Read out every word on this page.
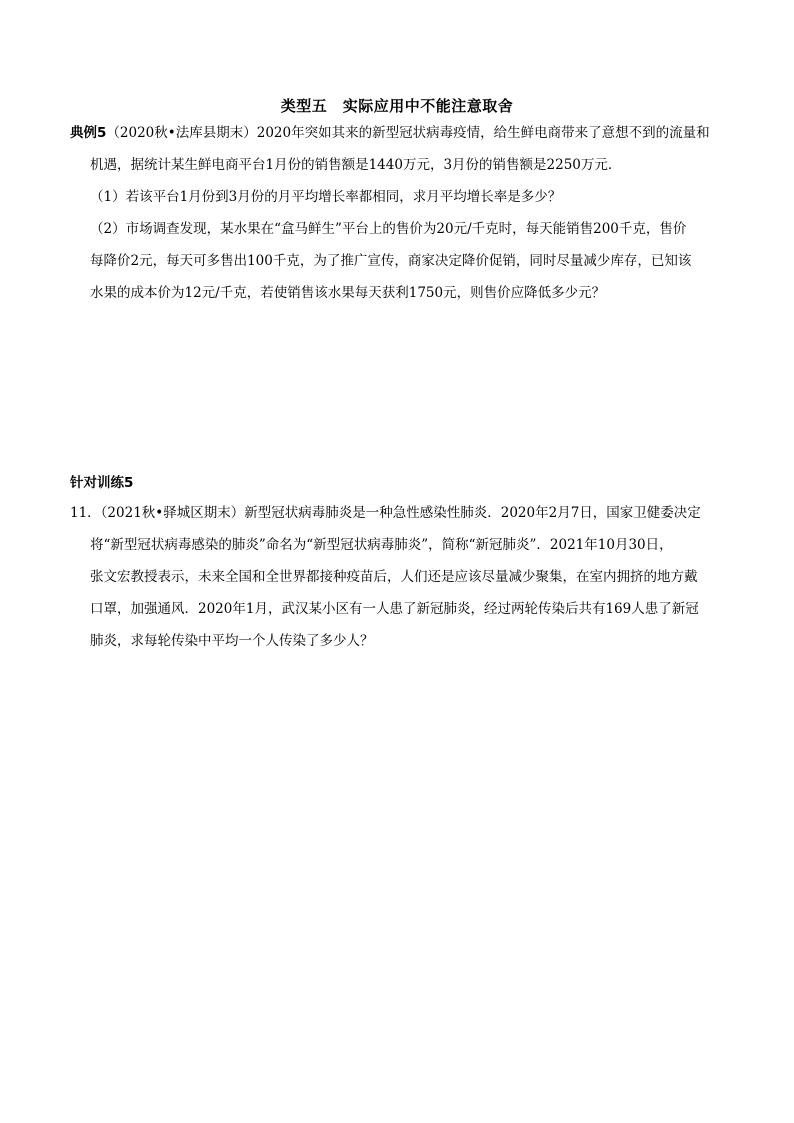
类型五　实际应用中不能注意取舍
典例5（2020秋•法库县期末）2020年突如其来的新型冠状病毒疫情，给生鲜电商带来了意想不到的流量和
机遇，据统计某生鲜电商平台1月份的销售额是1440万元，3月份的销售额是2250万元．
（1）若该平台1月份到3月份的月平均增长率都相同，求月平均增长率是多少？
（2）市场调查发现，某水果在“盒马鲜生”平台上的售价为20元/千克时，每天能销售200千克，售价
每降价2元，每天可多售出100千克，为了推广宣传，商家决定降价促销，同时尽量减少库存，已知该
水果的成本价为12元/千克，若使销售该水果每天获利1750元，则售价应降低多少元？
针对训练5
11．（2021秋•驿城区期末）新型冠状病毒肺炎是一种急性感染性肺炎．2020年2月7日，国家卫健委决定
将“新型冠状病毒感染的肺炎”命名为“新型冠状病毒肺炎”，简称“新冠肺炎”．2021年10月30日，
张文宏教授表示，未来全国和全世界都接种疫苗后，人们还是应该尽量减少聚集，在室内拥挤的地方戴
口罩，加强通风．2020年1月，武汉某小区有一人患了新冠肺炎，经过两轮传染后共有169人患了新冠
肺炎，求每轮传染中平均一个人传染了多少人？
